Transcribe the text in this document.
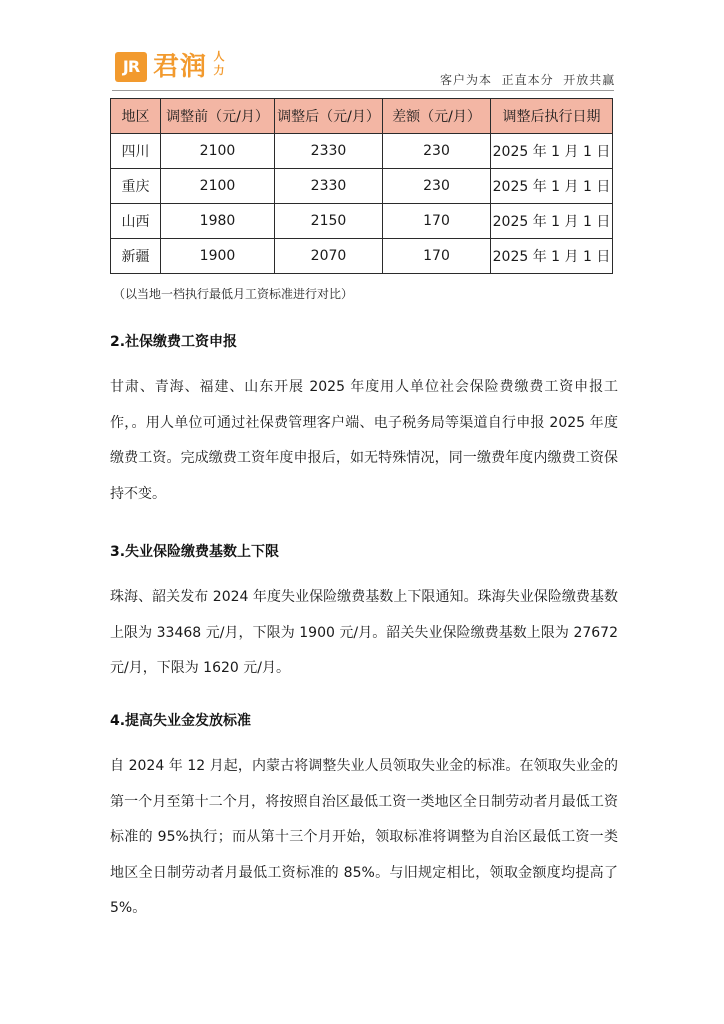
JR 君润 人力
客户为本  正直本分  开放共赢
地区	调整前（元/月）	调整后（元/月）	差额（元/月）	调整后执行日期
四川	2100	2330	230	2025 年 1 月 1 日
重庆	2100	2330	230	2025 年 1 月 1 日
山西	1980	2150	170	2025 年 1 月 1 日
新疆	1900	2070	170	2025 年 1 月 1 日
（以当地一档执行最低月工资标准进行对比）
2.社保缴费工资申报

甘肃、青海、福建、山东开展 2025 年度用人单位社会保险费缴费工资申报工作，。用人单位可通过社保费管理客户端、电子税务局等渠道自行申报 2025 年度缴费工资。完成缴费工资年度申报后，如无特殊情况，同一缴费年度内缴费工资保持不变。

3.失业保险缴费基数上下限

珠海、韶关发布 2024 年度失业保险缴费基数上下限通知。珠海失业保险缴费基数上限为 33468 元/月，下限为 1900 元/月。韶关失业保险缴费基数上限为 27672 元/月，下限为 1620 元/月。

4.提高失业金发放标准

自 2024 年 12 月起，内蒙古将调整失业人员领取失业金的标准。在领取失业金的第一个月至第十二个月，将按照自治区最低工资一类地区全日制劳动者月最低工资标准的 95%执行；而从第十三个月开始，领取标准将调整为自治区最低工资一类地区全日制劳动者月最低工资标准的 85%。与旧规定相比，领取金额度均提高了 5%。
